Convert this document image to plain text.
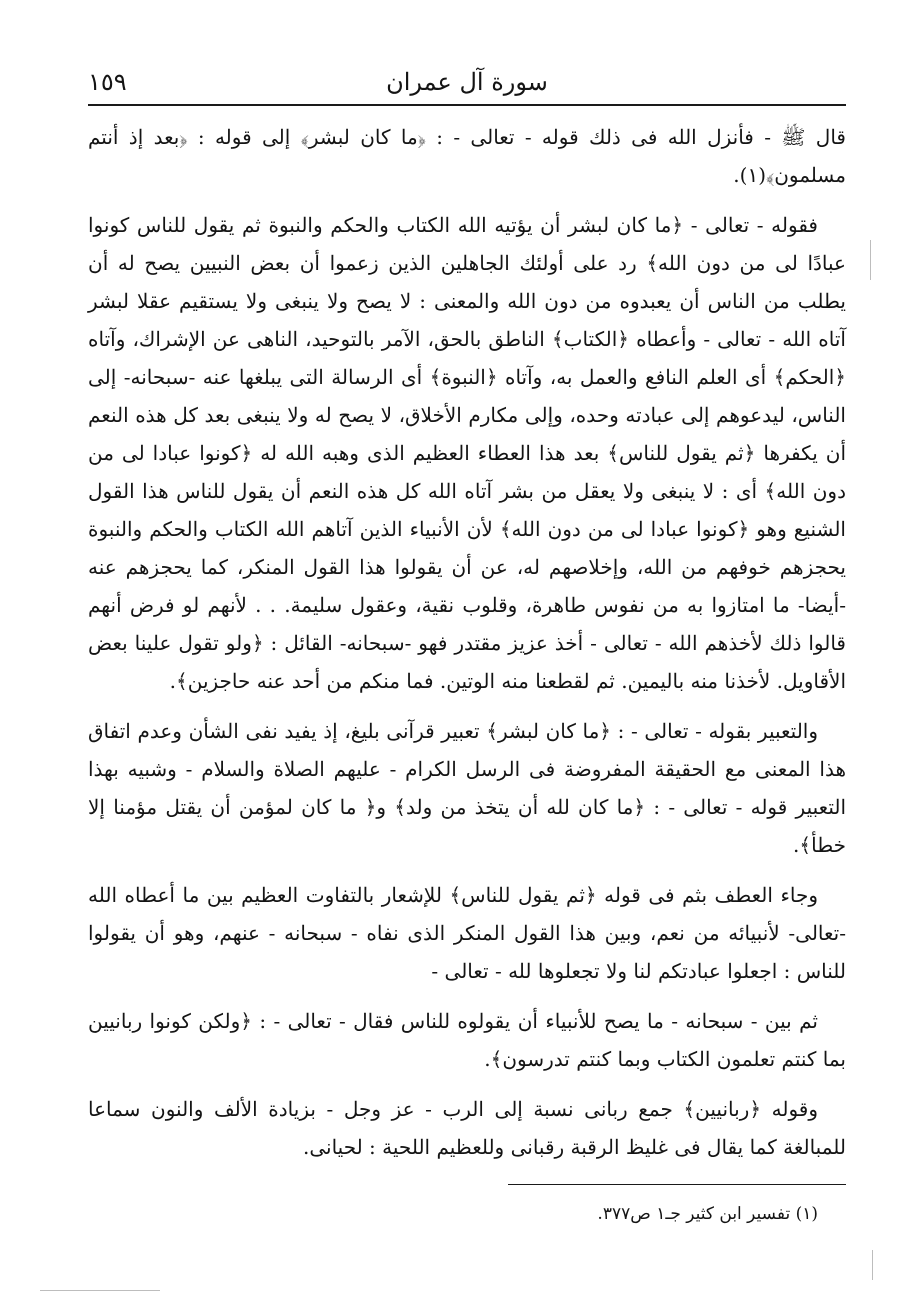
١٥٩	سورة آل عمران

قال ﷺ - فأنزل الله فى ذلك قوله - تعالى - : ﴿ما كان لبشر﴾ إلى قوله : ﴿بعد إذ أنتم مسلمون﴾(١).

فقوله - تعالى - ﴿ما كان لبشر أن يؤتيه الله الكتاب والحكم والنبوة ثم يقول للناس كونوا عبادًا لى من دون الله﴾ رد على أولئك الجاهلين الذين زعموا أن بعض النبيين يصح له أن يطلب من الناس أن يعبدوه من دون الله والمعنى : لا يصح ولا ينبغى ولا يستقيم عقلا لبشر آتاه الله - تعالى - وأعطاه ﴿الكتاب﴾ الناطق بالحق، الآمر بالتوحيد، الناهى عن الإشراك، وآتاه ﴿الحكم﴾ أى العلم النافع والعمل به، وآتاه ﴿النبوة﴾ أى الرسالة التى يبلغها عنه -سبحانه- إلى الناس، ليدعوهم إلى عبادته وحده، وإلى مكارم الأخلاق، لا يصح له ولا ينبغى بعد كل هذه النعم أن يكفرها ﴿ثم يقول للناس﴾ بعد هذا العطاء العظيم الذى وهبه الله له ﴿كونوا عبادا لى من دون الله﴾ أى : لا ينبغى ولا يعقل من بشر آتاه الله كل هذه النعم أن يقول للناس هذا القول الشنيع وهو ﴿كونوا عبادا لى من دون الله﴾ لأن الأنبياء الذين آتاهم الله الكتاب والحكم والنبوة يحجزهم خوفهم من الله، وإخلاصهم له، عن أن يقولوا هذا القول المنكر، كما يحجزهم عنه -أيضا- ما امتازوا به من نفوس طاهرة، وقلوب نقية، وعقول سليمة. . . لأنهم لو فرض أنهم قالوا ذلك لأخذهم الله - تعالى - أخذ عزيز مقتدر فهو -سبحانه- القائل : ﴿ولو تقول علينا بعض الأقاويل. لأخذنا منه باليمين. ثم لقطعنا منه الوتين. فما منكم من أحد عنه حاجزين﴾.

والتعبير بقوله - تعالى - : ﴿ما كان لبشر﴾ تعبير قرآنى بليغ، إذ يفيد نفى الشأن وعدم اتفاق هذا المعنى مع الحقيقة المفروضة فى الرسل الكرام - عليهم الصلاة والسلام - وشبيه بهذا التعبير قوله - تعالى - : ﴿ما كان لله أن يتخذ من ولد﴾ و﴿ ما كان لمؤمن أن يقتل مؤمنا إلا خطأ﴾.

وجاء العطف بثم فى قوله ﴿ثم يقول للناس﴾ للإشعار بالتفاوت العظيم بين ما أعطاه الله -تعالى- لأنبيائه من نعم، وبين هذا القول المنكر الذى نفاه - سبحانه - عنهم، وهو أن يقولوا للناس : اجعلوا عبادتكم لنا ولا تجعلوها لله - تعالى -

ثم بين - سبحانه - ما يصح للأنبياء أن يقولوه للناس فقال - تعالى - : ﴿ولكن كونوا ربانيين بما كنتم تعلمون الكتاب وبما كنتم تدرسون﴾.

وقوله ﴿ربانيين﴾ جمع ربانى نسبة إلى الرب - عز وجل - بزيادة الألف والنون سماعا للمبالغة كما يقال فى غليظ الرقبة رقبانى وللعظيم اللحية : لحيانى.

(١) تفسير ابن كثير جـ١ ص٣٧٧.
